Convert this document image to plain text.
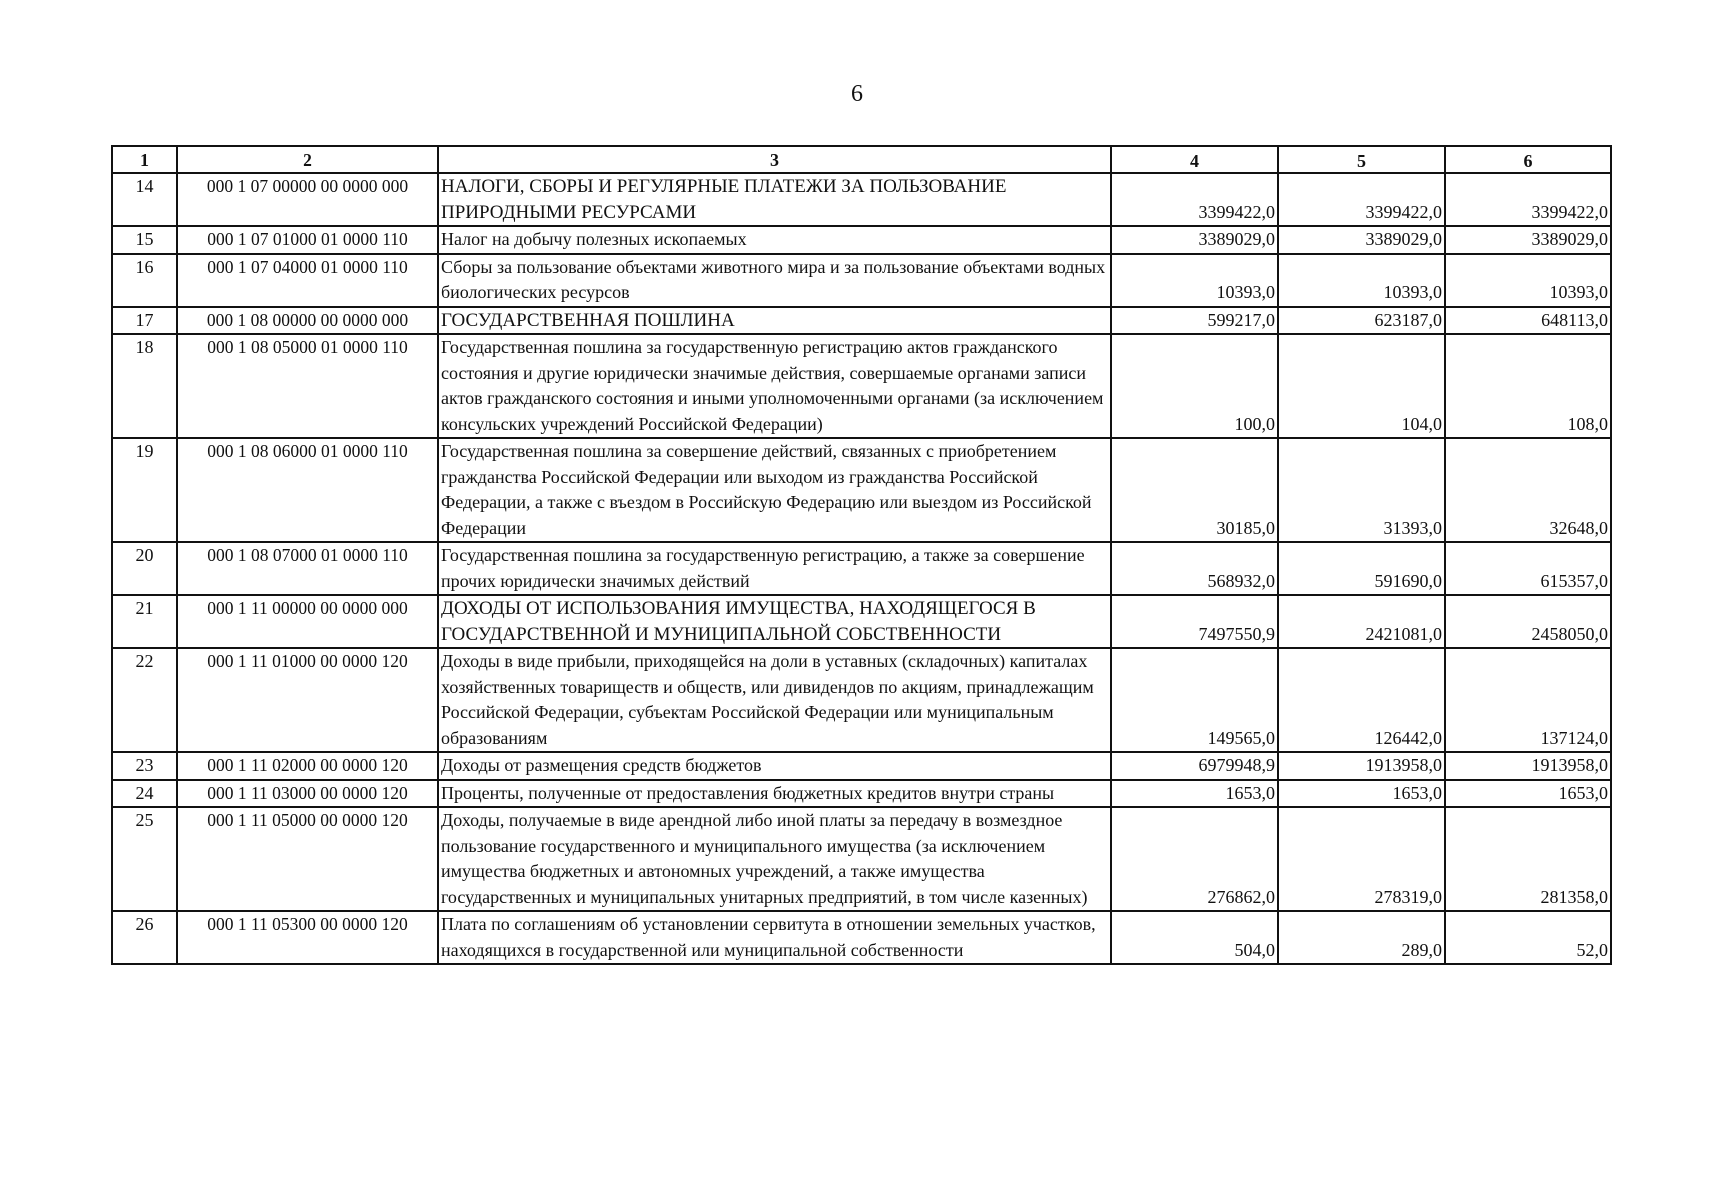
6
1	2	3	4	5	6
14	000 1 07 00000 00 0000 000	НАЛОГИ, СБОРЫ И РЕГУЛЯРНЫЕ ПЛАТЕЖИ ЗА ПОЛЬЗОВАНИЕ ПРИРОДНЫМИ РЕСУРСАМИ	3399422,0	3399422,0	3399422,0
15	000 1 07 01000 01 0000 110	Налог на добычу полезных ископаемых	3389029,0	3389029,0	3389029,0
16	000 1 07 04000 01 0000 110	Сборы за пользование объектами животного мира и за пользование объектами водных биологических ресурсов	10393,0	10393,0	10393,0
17	000 1 08 00000 00 0000 000	ГОСУДАРСТВЕННАЯ ПОШЛИНА	599217,0	623187,0	648113,0
18	000 1 08 05000 01 0000 110	Государственная пошлина за государственную регистрацию актов гражданского состояния и другие юридически значимые действия, совершаемые органами записи актов гражданского состояния и иными уполномоченными органами (за исключением консульских учреждений Российской Федерации)	100,0	104,0	108,0
19	000 1 08 06000 01 0000 110	Государственная пошлина за совершение действий, связанных с приобретением гражданства Российской Федерации или выходом из гражданства Российской Федерации, а также с въездом в Российскую Федерацию или выездом из Российской Федерации	30185,0	31393,0	32648,0
20	000 1 08 07000 01 0000 110	Государственная пошлина за государственную регистрацию, а также за совершение прочих юридически значимых действий	568932,0	591690,0	615357,0
21	000 1 11 00000 00 0000 000	ДОХОДЫ ОТ ИСПОЛЬЗОВАНИЯ ИМУЩЕСТВА, НАХОДЯЩЕГОСЯ В ГОСУДАРСТВЕННОЙ И МУНИЦИПАЛЬНОЙ СОБСТВЕННОСТИ	7497550,9	2421081,0	2458050,0
22	000 1 11 01000 00 0000 120	Доходы в виде прибыли, приходящейся на доли в уставных (складочных) капиталах хозяйственных товариществ и обществ, или дивидендов по акциям, принадлежащим Российской Федерации, субъектам Российской Федерации или муниципальным образованиям	149565,0	126442,0	137124,0
23	000 1 11 02000 00 0000 120	Доходы от размещения средств бюджетов	6979948,9	1913958,0	1913958,0
24	000 1 11 03000 00 0000 120	Проценты, полученные от предоставления бюджетных кредитов внутри страны	1653,0	1653,0	1653,0
25	000 1 11 05000 00 0000 120	Доходы, получаемые в виде арендной либо иной платы за передачу в возмездное пользование государственного и муниципального имущества (за исключением имущества бюджетных и автономных учреждений, а также имущества государственных и муниципальных унитарных предприятий, в том числе казенных)	276862,0	278319,0	281358,0
26	000 1 11 05300 00 0000 120	Плата по соглашениям об установлении сервитута в отношении земельных участков, находящихся в государственной или муниципальной собственности	504,0	289,0	52,0
